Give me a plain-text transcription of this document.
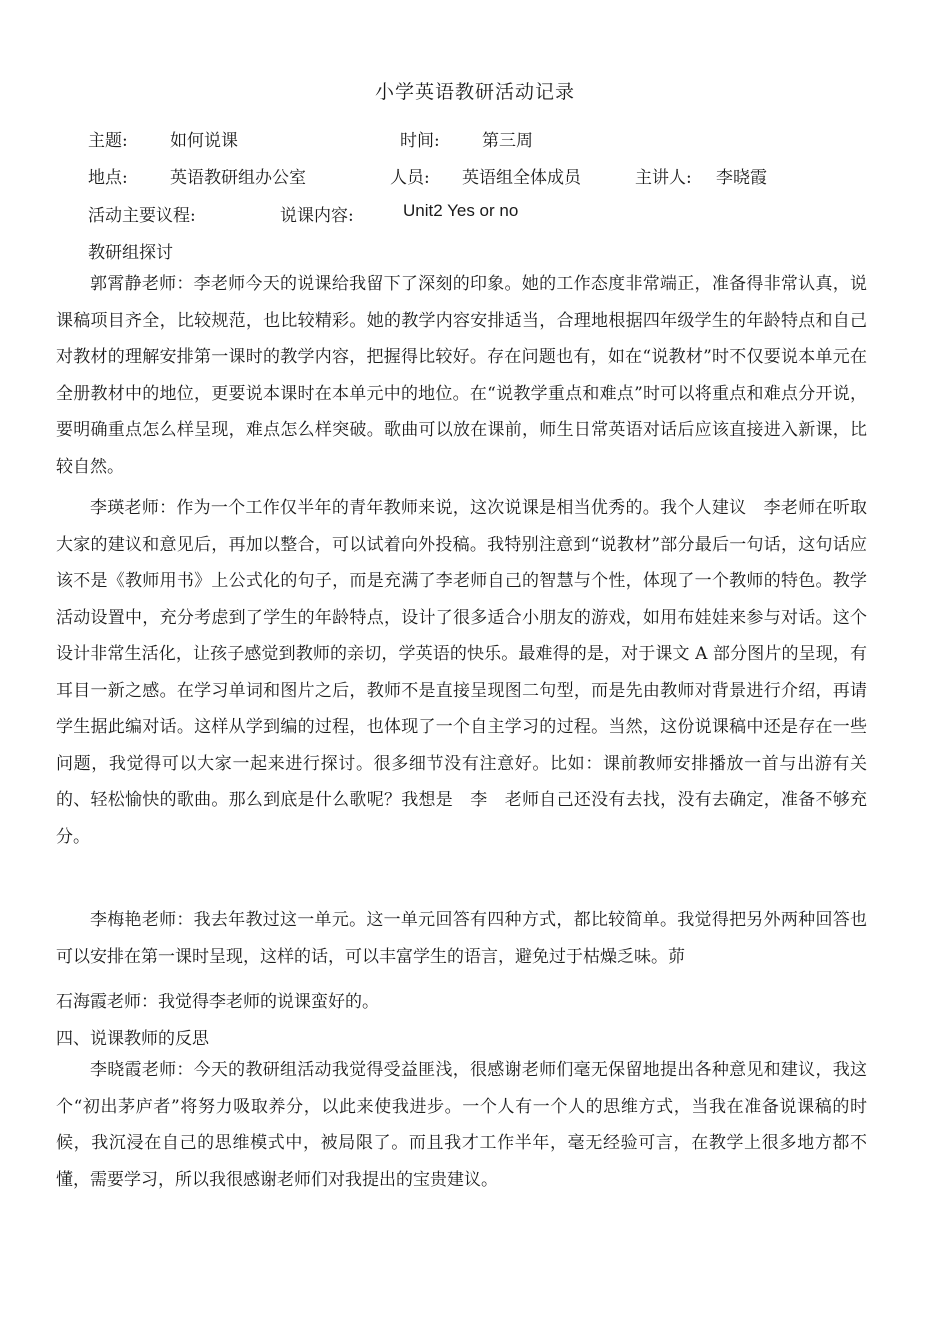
小学英语教研活动记录
主题: 如何说课	时间: 第三周
地点: 英语教研组办公室	人员: 英语组全体成员	主讲人: 李晓霞
活动主要议程:	说课内容:	Unit2 Yes or no
教研组探讨

郭霄静老师：李老师今天的说课给我留下了深刻的印象。她的工作态度非常端正，准备得非常认真，说课稿项目齐全，比较规范，也比较精彩。她的教学内容安排适当，合理地根据四年级学生的年龄特点和自己对教材的理解安排第一课时的教学内容，把握得比较好。存在问题也有，如在“说教材”时不仅要说本单元在全册教材中的地位，更要说本课时在本单元中的地位。在“说教学重点和难点”时可以将重点和难点分开说，要明确重点怎么样呈现，难点怎么样突破。歌曲可以放在课前，师生日常英语对话后应该直接进入新课，比较自然。

李瑛老师：作为一个工作仅半年的青年教师来说，这次说课是相当优秀的。我个人建议　李老师在听取大家的建议和意见后，再加以整合，可以试着向外投稿。我特别注意到“说教材”部分最后一句话，这句话应该不是《教师用书》上公式化的句子，而是充满了李老师自己的智慧与个性，体现了一个教师的特色。教学活动设置中，充分考虑到了学生的年龄特点，设计了很多适合小朋友的游戏，如用布娃娃来参与对话。这个设计非常生活化，让孩子感觉到教师的亲切，学英语的快乐。最难得的是，对于课文 A 部分图片的呈现，有耳目一新之感。在学习单词和图片之后，教师不是直接呈现图二句型，而是先由教师对背景进行介绍，再请学生据此编对话。这样从学到编的过程，也体现了一个自主学习的过程。当然，这份说课稿中还是存在一些问题，我觉得可以大家一起来进行探讨。很多细节没有注意好。比如：课前教师安排播放一首与出游有关的、轻松愉快的歌曲。那么到底是什么歌呢？我想是　李　老师自己还没有去找，没有去确定，准备不够充分。

李梅艳老师：我去年教过这一单元。这一单元回答有四种方式，都比较简单。我觉得把另外两种回答也可以安排在第一课时呈现，这样的话，可以丰富学生的语言，避免过于枯燥乏味。茆

石海霞老师：我觉得李老师的说课蛮好的。
四、说课教师的反思

李晓霞老师：今天的教研组活动我觉得受益匪浅，很感谢老师们毫无保留地提出各种意见和建议，我这个“初出茅庐者”将努力吸取养分，以此来使我进步。一个人有一个人的思维方式，当我在准备说课稿的时候，我沉浸在自己的思维模式中，被局限了。而且我才工作半年，毫无经验可言，在教学上很多地方都不懂，需要学习，所以我很感谢老师们对我提出的宝贵建议。
